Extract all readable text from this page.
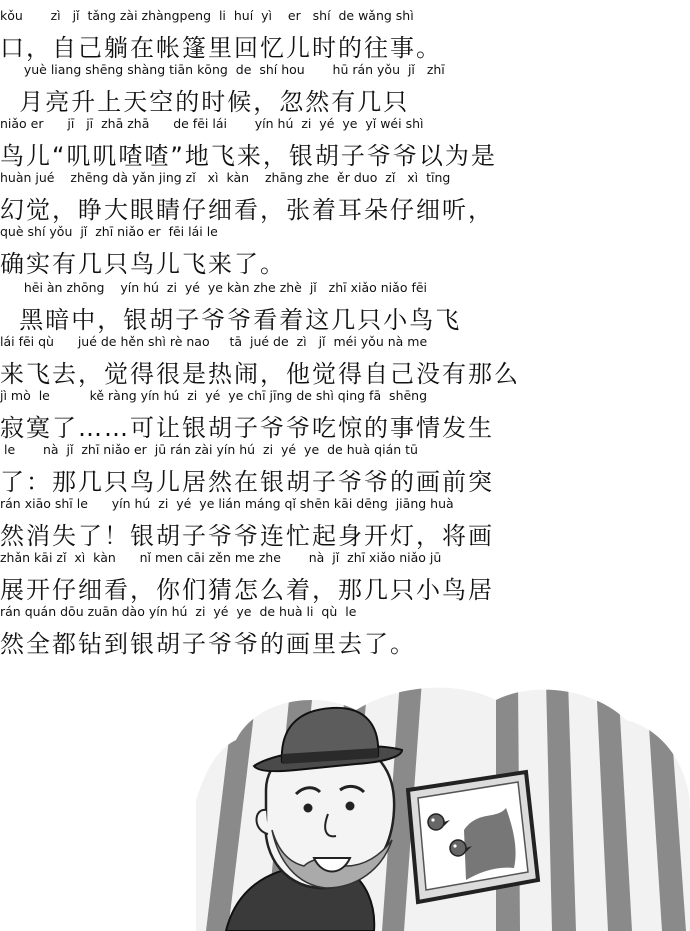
kǒu       zì   jǐ  tǎng zài zhàngpeng  li  huí  yì    er   shí  de wǎng shì
口，自己躺在帐篷里回忆儿时的往事。
yuè liang shēng shàng tiān kōng  de  shí hou       hū rán yǒu  jǐ   zhī
月亮升上天空的时候，忽然有几只
niǎo er      jī   jī  zhā zhā      de fēi lái       yín hú  zi  yé  ye  yǐ wéi shì
鸟儿“叽叽喳喳”地飞来，银胡子爷爷以为是
huàn jué    zhēng dà yǎn jing zǐ   xì  kàn    zhāng zhe  ěr duo  zǐ   xì  tīng
幻觉，睁大眼睛仔细看，张着耳朵仔细听，
què shí yǒu  jǐ  zhī niǎo er  fēi lái le
确实有几只鸟儿飞来了。
hēi àn zhōng    yín hú  zi  yé  ye kàn zhe zhè  jǐ   zhī xiǎo niǎo fēi
黑暗中，银胡子爷爷看着这几只小鸟飞
lái fēi qù      jué de hěn shì rè nao     tā  jué de  zì   jǐ  méi yǒu nà me
来飞去，觉得很是热闹，他觉得自己没有那么
jì mò  le          kě ràng yín hú  zi  yé  ye chī jīng de shì qing fā  shēng
寂寞了……可让银胡子爷爷吃惊的事情发生
le       nà  jǐ  zhī niǎo er  jū rán zài yín hú  zi  yé  ye  de huà qián tū
了：那几只鸟儿居然在银胡子爷爷的画前突
rán xiāo shī le      yín hú  zi  yé  ye lián máng qǐ shēn kāi dēng  jiāng huà
然消失了！银胡子爷爷连忙起身开灯，将画
zhǎn kāi zǐ  xì  kàn      nǐ men cāi zěn me zhe       nà  jǐ  zhī xiǎo niǎo jū
展开仔细看，你们猜怎么着，那几只小鸟居
rán quán dōu zuān dào yín hú  zi  yé  ye  de huà li  qù  le
然全都钻到银胡子爷爷的画里去了。
